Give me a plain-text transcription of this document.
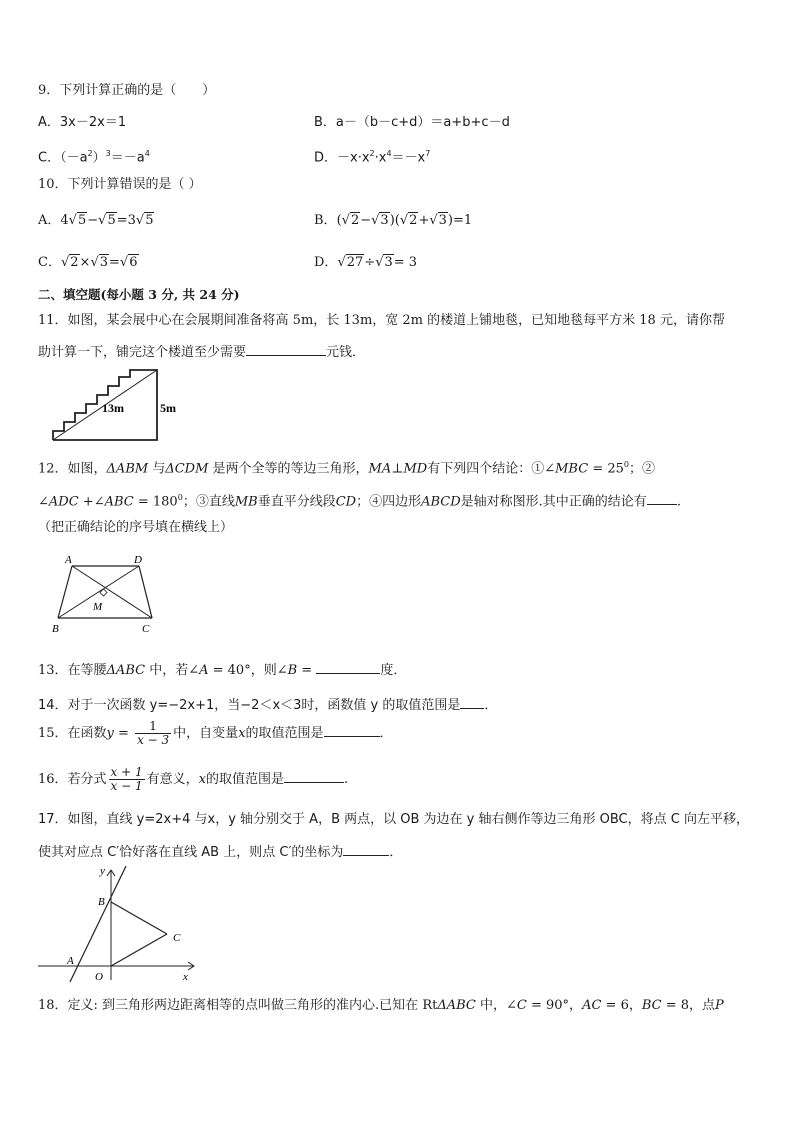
9．下列计算正确的是（　　）
A．3x－2x＝1	B．a－（b－c+d）＝a+b+c－d
C．$(-a^2)^3=-a^4$	D．$-x\cdot x^2\cdot x^4=-x^7$
10．下列计算错误的是（ ）
A．4√5−√5=3√5	B．(√2−√3)(√2+√3)=1
C．√2×√3=√6	D．√27÷√3= 3
二、填空题(每小题 3 分, 共 24 分)
11．如图，某会展中心在会展期间准备将高 5m，长 13m，宽 2m 的楼道上铺地毯，已知地毯每平方米 18 元，请你帮
助计算一下，铺完这个楼道至少需要	元钱．
13m	5m
12．如图，ΔABM 与ΔCDM 是两个全等的等边三角形，MA⊥MD有下列四个结论：①∠MBC = $25^0$；②
∠ADC +∠ABC = $180^0$；③直线MB垂直平分线段CD；④四边形ABCD是轴对称图形.其中正确的结论有 .
（把正确结论的序号填在横线上）
A	D
B	C
M
13．在等腰ΔABC 中，若∠A = 40°，则∠B =	度．
14．对于一次函数 y=−2x+1，当−2＜x＜3时，函数值 y 的取值范围是 ．
15．在函数$y = \frac{1}{x - 3}$ 中，自变量x的取值范围是	．
16．若分式 $\frac{x + 1}{x - 1}$ 有意义，x的取值范围是	.
17．如图，直线 y=2x+4 与x，y 轴分别交于 A，B 两点，以 OB 为边在 y 轴右侧作等边三角形 OBC，将点 C 向左平移，
使其对应点 C′恰好落在直线 AB 上，则点 C′的坐标为	．
y
x
B
C
A
O
18．定义: 到三角形两边距离相等的点叫做三角形的准内心.已知在 RtΔABC 中，∠C = 90°，AC = 6，BC = 8，点P
